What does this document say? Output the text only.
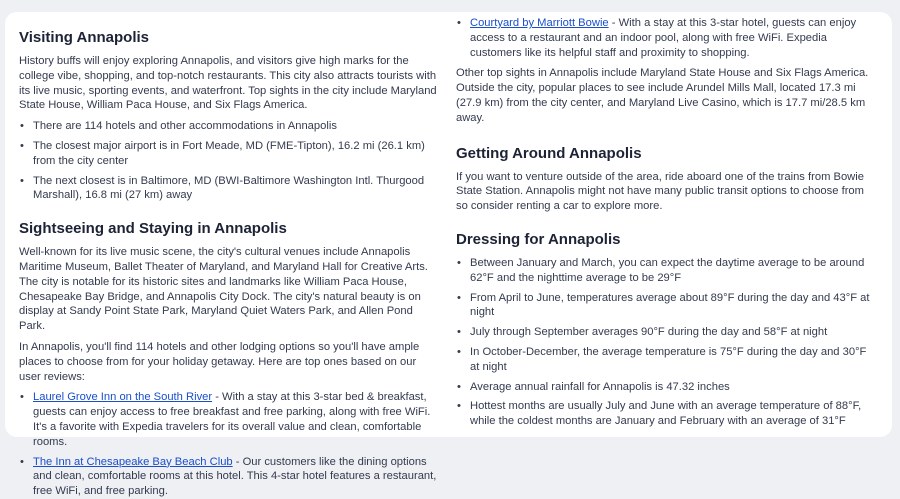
Visiting Annapolis

History buffs will enjoy exploring Annapolis, and visitors give high marks for the college vibe, shopping, and top-notch restaurants. This city also attracts tourists with its live music, sporting events, and waterfront. Top sights in the city include Maryland State House, William Paca House, and Six Flags America.

• There are 114 hotels and other accommodations in Annapolis
• The closest major airport is in Fort Meade, MD (FME-Tipton), 16.2 mi (26.1 km) from the city center
• The next closest is in Baltimore, MD (BWI-Baltimore Washington Intl. Thurgood Marshall), 16.8 mi (27 km) away
Sightseeing and Staying in Annapolis

Well-known for its live music scene, the city's cultural venues include Annapolis Maritime Museum, Ballet Theater of Maryland, and Maryland Hall for Creative Arts. The city is notable for its historic sites and landmarks like William Paca House, Chesapeake Bay Bridge, and Annapolis City Dock. The city's natural beauty is on display at Sandy Point State Park, Maryland Quiet Waters Park, and Allen Pond Park.

In Annapolis, you'll find 114 hotels and other lodging options so you'll have ample places to choose from for your holiday getaway. Here are top ones based on our user reviews:

• Laurel Grove Inn on the South River - With a stay at this 3-star bed & breakfast, guests can enjoy access to free breakfast and free parking, along with free WiFi. It's a favorite with Expedia travelers for its overall value and clean, comfortable rooms.
• The Inn at Chesapeake Bay Beach Club - Our customers like the dining options and clean, comfortable rooms at this hotel. This 4-star hotel features a restaurant, free WiFi, and free parking.
• Courtyard by Marriott Bowie - With a stay at this 3-star hotel, guests can enjoy access to a restaurant and an indoor pool, along with free WiFi. Expedia customers like its helpful staff and proximity to shopping.

Other top sights in Annapolis include Maryland State House and Six Flags America. Outside the city, popular places to see include Arundel Mills Mall, located 17.3 mi (27.9 km) from the city center, and Maryland Live Casino, which is 17.7 mi/28.5 km away.

Getting Around Annapolis

If you want to venture outside of the area, ride aboard one of the trains from Bowie State Station. Annapolis might not have many public transit options to choose from so consider renting a car to explore more.

Dressing for Annapolis
• Between January and March, you can expect the daytime average to be around 62°F and the nighttime average to be 29°F
• From April to June, temperatures average about 89°F during the day and 43°F at night
• July through September averages 90°F during the day and 58°F at night
• In October-December, the average temperature is 75°F during the day and 30°F at night
• Average annual rainfall for Annapolis is 47.32 inches
• Hottest months are usually July and June with an average temperature of 88°F, while the coldest months are January and February with an average of 31°F
